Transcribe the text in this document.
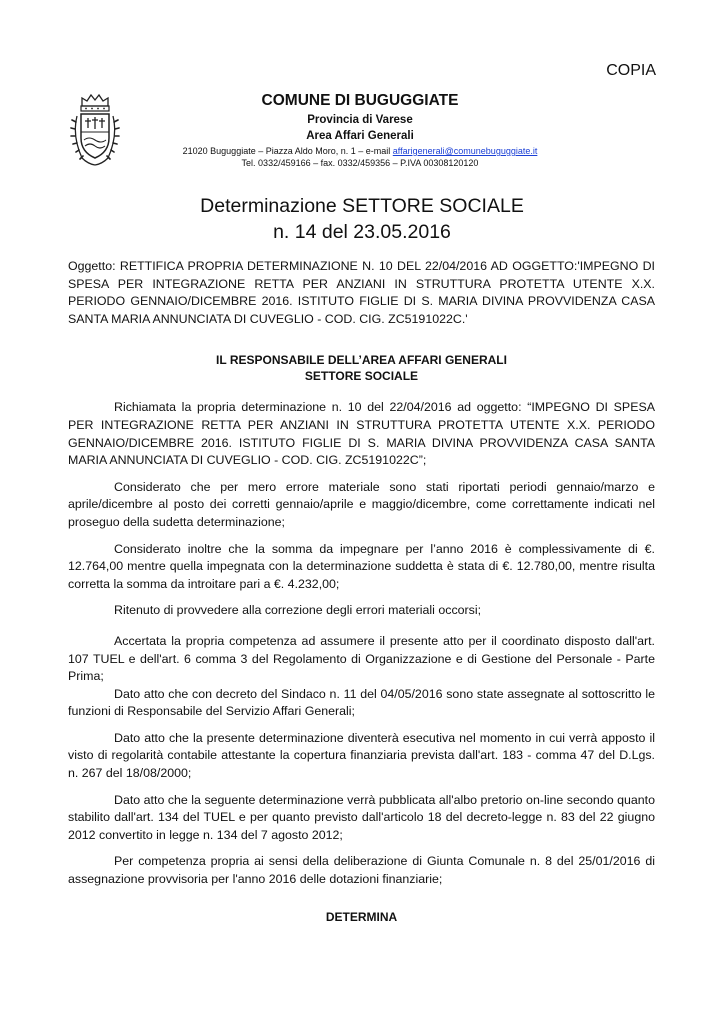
COPIA
COMUNE DI BUGUGGIATE
Provincia di Varese
Area Affari Generali
21020 Buguggiate – Piazza Aldo Moro, n. 1 – e-mail affarigenerali@comunebuguggiate.it
Tel. 0332/459166 – fax. 0332/459356 – P.IVA 00308120120
Determinazione SETTORE SOCIALE
n. 14 del 23.05.2016
Oggetto: RETTIFICA PROPRIA DETERMINAZIONE N. 10 DEL 22/04/2016 AD OGGETTO:'IMPEGNO DI SPESA PER INTEGRAZIONE RETTA PER ANZIANI IN STRUTTURA PROTETTA UTENTE X.X. PERIODO GENNAIO/DICEMBRE 2016. ISTITUTO FIGLIE DI S. MARIA DIVINA PROVVIDENZA CASA SANTA MARIA ANNUNCIATA DI CUVEGLIO - COD. CIG. ZC5191022C.'
IL RESPONSABILE DELL’AREA AFFARI GENERALI
SETTORE SOCIALE
Richiamata la propria determinazione n. 10 del 22/04/2016 ad oggetto: “IMPEGNO DI SPESA PER INTEGRAZIONE RETTA PER ANZIANI IN STRUTTURA PROTETTA UTENTE X.X. PERIODO GENNAIO/DICEMBRE 2016. ISTITUTO FIGLIE DI S. MARIA DIVINA PROVVIDENZA CASA SANTA MARIA ANNUNCIATA DI CUVEGLIO - COD. CIG. ZC5191022C”;
Considerato che per mero errore materiale sono stati riportati periodi gennaio/marzo e aprile/dicembre al posto dei corretti gennaio/aprile e maggio/dicembre, come correttamente indicati nel proseguo della sudetta determinazione;
Considerato inoltre che la somma da impegnare per l’anno 2016 è complessivamente di €. 12.764,00 mentre quella impegnata con la determinazione suddetta è stata di €. 12.780,00, mentre risulta corretta la somma da introitare pari a €. 4.232,00;
Ritenuto di provvedere alla correzione degli errori materiali occorsi;
Accertata la propria competenza ad assumere il presente atto per il coordinato disposto dall'art. 107 TUEL e dell'art. 6 comma 3 del Regolamento di Organizzazione e di Gestione del Personale - Parte Prima;
Dato atto che con decreto del Sindaco n. 11 del 04/05/2016 sono state assegnate al sottoscritto le funzioni di Responsabile del Servizio Affari Generali;
Dato atto che la presente determinazione diventerà esecutiva nel momento in cui verrà apposto il visto di regolarità contabile attestante la copertura finanziaria prevista dall'art. 183 - comma 47 del D.Lgs. n. 267 del 18/08/2000;
Dato atto che la seguente determinazione verrà pubblicata all'albo pretorio on-line secondo quanto stabilito dall'art. 134 del TUEL e per quanto previsto dall'articolo 18 del decreto-legge n. 83 del 22 giugno 2012 convertito in legge n. 134 del 7 agosto 2012;
Per competenza propria ai sensi della deliberazione di Giunta Comunale n. 8 del 25/01/2016 di assegnazione provvisoria per l'anno 2016 delle dotazioni finanziarie;
DETERMINA
